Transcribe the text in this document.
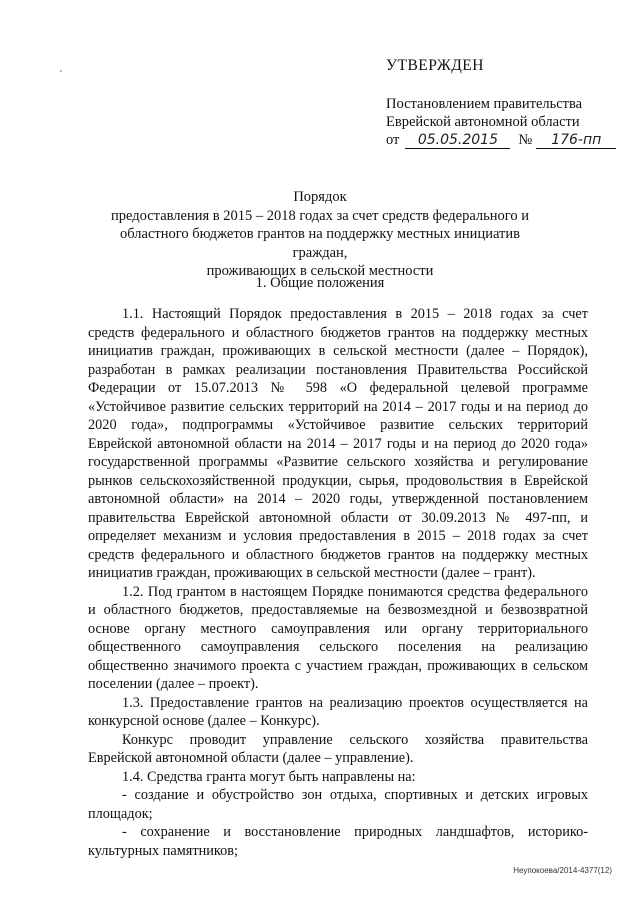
УТВЕРЖДЕН
Постановлением правительства
Еврейской автономной области
от	05.05.2015	№	176-пп
Порядок
предоставления в 2015 – 2018 годах за счет средств федерального и
областного бюджетов грантов на поддержку местных инициатив граждан,
проживающих в сельской местности
1. Общие положения

1.1. Настоящий Порядок предоставления в 2015 – 2018 годах за счет средств федерального и областного бюджетов грантов на поддержку местных инициатив граждан, проживающих в сельской местности (далее – Порядок), разработан в рамках реализации постановления Правительства Российской Федерации от 15.07.2013 № 598 «О федеральной целевой программе «Устойчивое развитие сельских территорий на 2014 – 2017 годы и на период до 2020 года», подпрограммы «Устойчивое развитие сельских территорий Еврейской автономной области на 2014 – 2017 годы и на период до 2020 года» государственной программы «Развитие сельского хозяйства и регулирование рынков сельскохозяйственной продукции, сырья, продовольствия в Еврейской автономной области» на 2014 – 2020 годы, утвержденной постановлением правительства Еврейской автономной области от 30.09.2013 № 497-пп, и определяет механизм и условия предоставления в 2015 – 2018 годах за счет средств федерального и областного бюджетов грантов на поддержку местных инициатив граждан, проживающих в сельской местности (далее – грант).

1.2. Под грантом в настоящем Порядке понимаются средства федерального и областного бюджетов, предоставляемые на безвозмездной и безвозвратной основе органу местного самоуправления или органу территориального общественного самоуправления сельского поселения на реализацию общественно значимого проекта с участием граждан, проживающих в сельском поселении (далее – проект).

1.3. Предоставление грантов на реализацию проектов осуществляется на конкурсной основе (далее – Конкурс).

Конкурс проводит управление сельского хозяйства правительства Еврейской автономной области (далее – управление).

1.4. Средства гранта могут быть направлены на:

- создание и обустройство зон отдыха, спортивных и детских игровых площадок;

- сохранение и восстановление природных ландшафтов, историко-культурных памятников;

Неупокоева/2014-4377(12)
